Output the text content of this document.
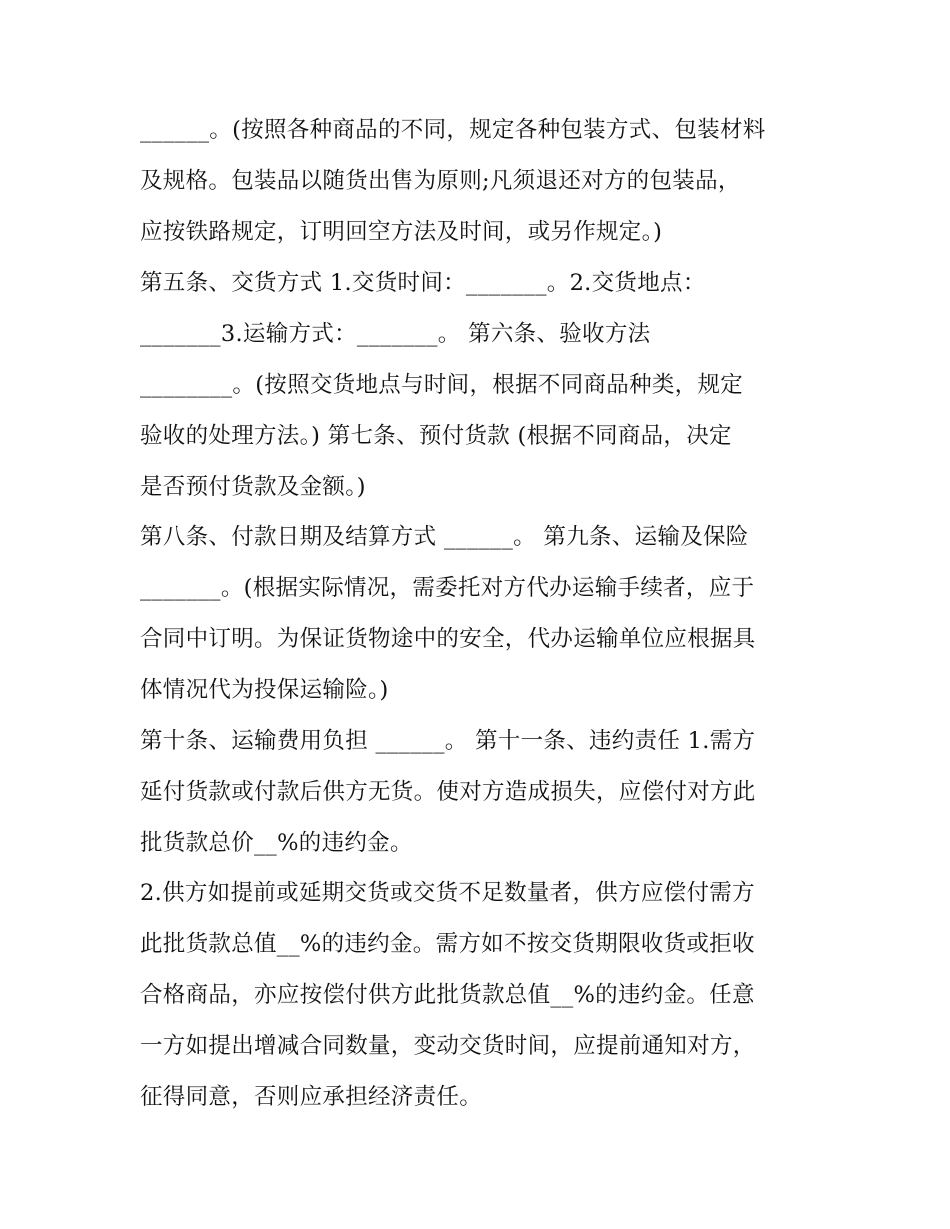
______。(按照各种商品的不同，规定各种包装方式、包装材料
及规格。包装品以随货出售为原则;凡须退还对方的包装品，
应按铁路规定，订明回空方法及时间，或另作规定。)
第五条、交货方式 1.交货时间：_______。2.交货地点：
_______3.运输方式：_______。 第六条、验收方法
________。(按照交货地点与时间，根据不同商品种类，规定
验收的处理方法。) 第七条、预付货款 (根据不同商品，决定
是否预付货款及金额。)
第八条、付款日期及结算方式 ______。 第九条、运输及保险
_______。(根据实际情况，需委托对方代办运输手续者，应于
合同中订明。为保证货物途中的安全，代办运输单位应根据具
体情况代为投保运输险。)
第十条、运输费用负担 ______。 第十一条、违约责任 1.需方
延付货款或付款后供方无货。使对方造成损失，应偿付对方此
批货款总价__%的违约金。
2.供方如提前或延期交货或交货不足数量者，供方应偿付需方
此批货款总值__%的违约金。需方如不按交货期限收货或拒收
合格商品，亦应按偿付供方此批货款总值__%的违约金。任意
一方如提出增减合同数量，变动交货时间，应提前通知对方，
征得同意，否则应承担经济责任。
